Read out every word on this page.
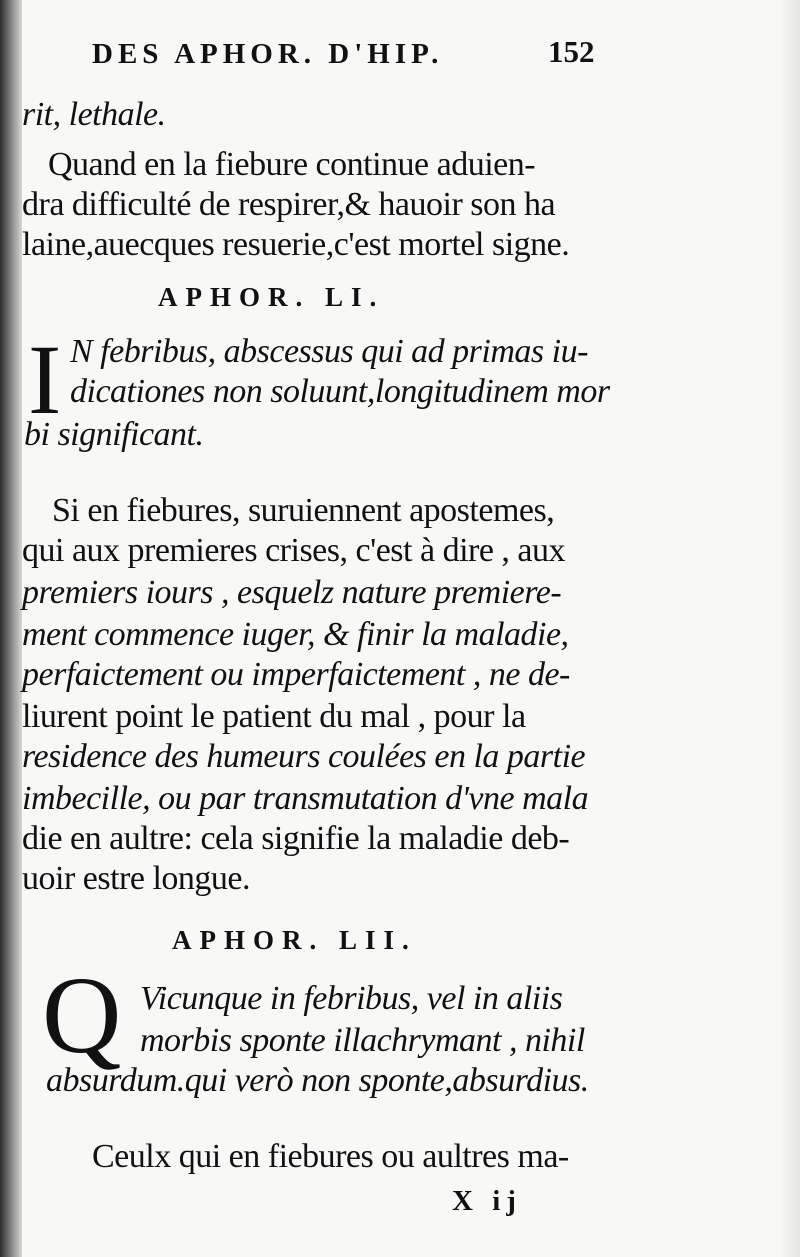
DES APHOR. D'HIP.	152
rit, lethale.
Quand en la fiebure continue aduien-
dra difficulté de respirer,& hauoir son ha
laine,auecques resuerie,c'est mortel signe.
APHOR. LI.
I N febribus, abscessus qui ad primas iu-
dicationes non soluunt,longitudinem mor
bi significant.
Si en fiebures, suruiennent apostemes,
qui aux premieres crises, c'est à dire , aux
premiers iours , esquelz nature premiere-
ment commence iuger, & finir la maladie,
perfaictement ou imperfaictement , ne de-
liurent point le patient du mal , pour la
residence des humeurs coulées en la partie
imbecille, ou par transmutation d'vne mala
die en aultre: cela signifie la maladie deb-
uoir estre longue.
APHOR. LII.
Q Vicunque in febribus, vel in aliis
morbis sponte illachrymant , nihil
absurdum.qui verò non sponte,absurdius.
Ceulx qui en fiebures ou aultres ma-
X ij
